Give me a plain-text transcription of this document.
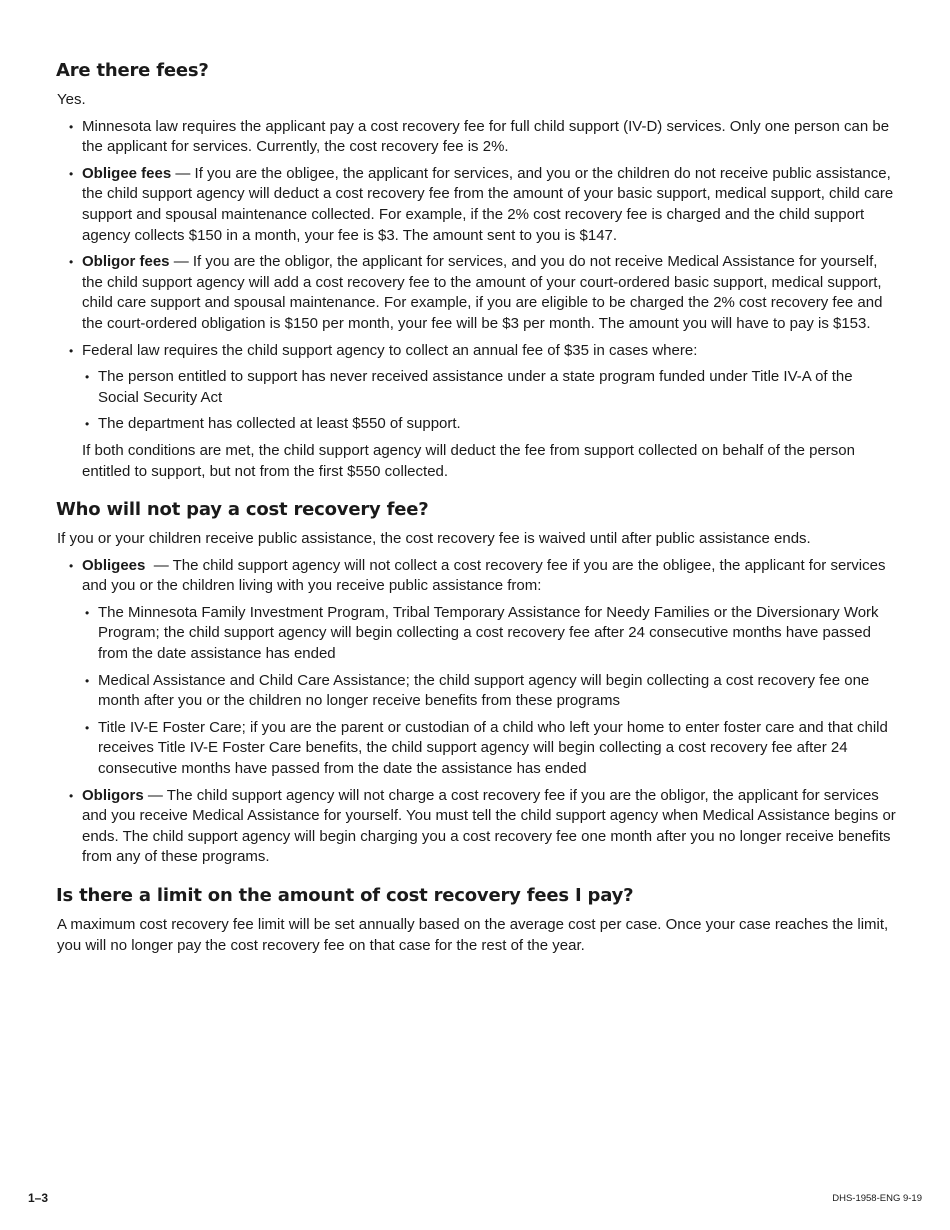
Are there fees?

Yes.

• Minnesota law requires the applicant pay a cost recovery fee for full child support (IV-D) services. Only one person can be the applicant for services. Currently, the cost recovery fee is 2%.
• Obligee fees — If you are the obligee, the applicant for services, and you or the children do not receive public assistance, the child support agency will deduct a cost recovery fee from the amount of your basic support, medical support, child care support and spousal maintenance collected. For example, if the 2% cost recovery fee is charged and the child support agency collects $150 in a month, your fee is $3. The amount sent to you is $147.
• Obligor fees — If you are the obligor, the applicant for services, and you do not receive Medical Assistance for yourself, the child support agency will add a cost recovery fee to the amount of your court-ordered basic support, medical support, child care support and spousal maintenance. For example, if you are eligible to be charged the 2% cost recovery fee and the court-ordered obligation is $150 per month, your fee will be $3 per month. The amount you will have to pay is $153.
• Federal law requires the child support agency to collect an annual fee of $35 in cases where:
• The person entitled to support has never received assistance under a state program funded under Title IV-A of the Social Security Act
• The department has collected at least $550 of support.

If both conditions are met, the child support agency will deduct the fee from support collected on behalf of the person entitled to support, but not from the first $550 collected.

Who will not pay a cost recovery fee?

If you or your children receive public assistance, the cost recovery fee is waived until after public assistance ends.

• Obligees  — The child support agency will not collect a cost recovery fee if you are the obligee, the applicant for services and you or the children living with you receive public assistance from:
• The Minnesota Family Investment Program, Tribal Temporary Assistance for Needy Families or the Diversionary Work Program; the child support agency will begin collecting a cost recovery fee after 24 consecutive months have passed from the date assistance has ended
• Medical Assistance and Child Care Assistance; the child support agency will begin collecting a cost recovery fee one month after you or the children no longer receive benefits from these programs
• Title IV-E Foster Care; if you are the parent or custodian of a child who left your home to enter foster care and that child receives Title IV-E Foster Care benefits, the child support agency will begin collecting a cost recovery fee after 24 consecutive months have passed from the date the assistance has ended
• Obligors — The child support agency will not charge a cost recovery fee if you are the obligor, the applicant for services and you receive Medical Assistance for yourself. You must tell the child support agency when Medical Assistance begins or ends. The child support agency will begin charging you a cost recovery fee one month after you no longer receive benefits from any of these programs.
Is there a limit on the amount of cost recovery fees I pay?

A maximum cost recovery fee limit will be set annually based on the average cost per case. Once your case reaches the limit, you will no longer pay the cost recovery fee on that case for the rest of the year.

1–3	DHS-1958-ENG 9-19
